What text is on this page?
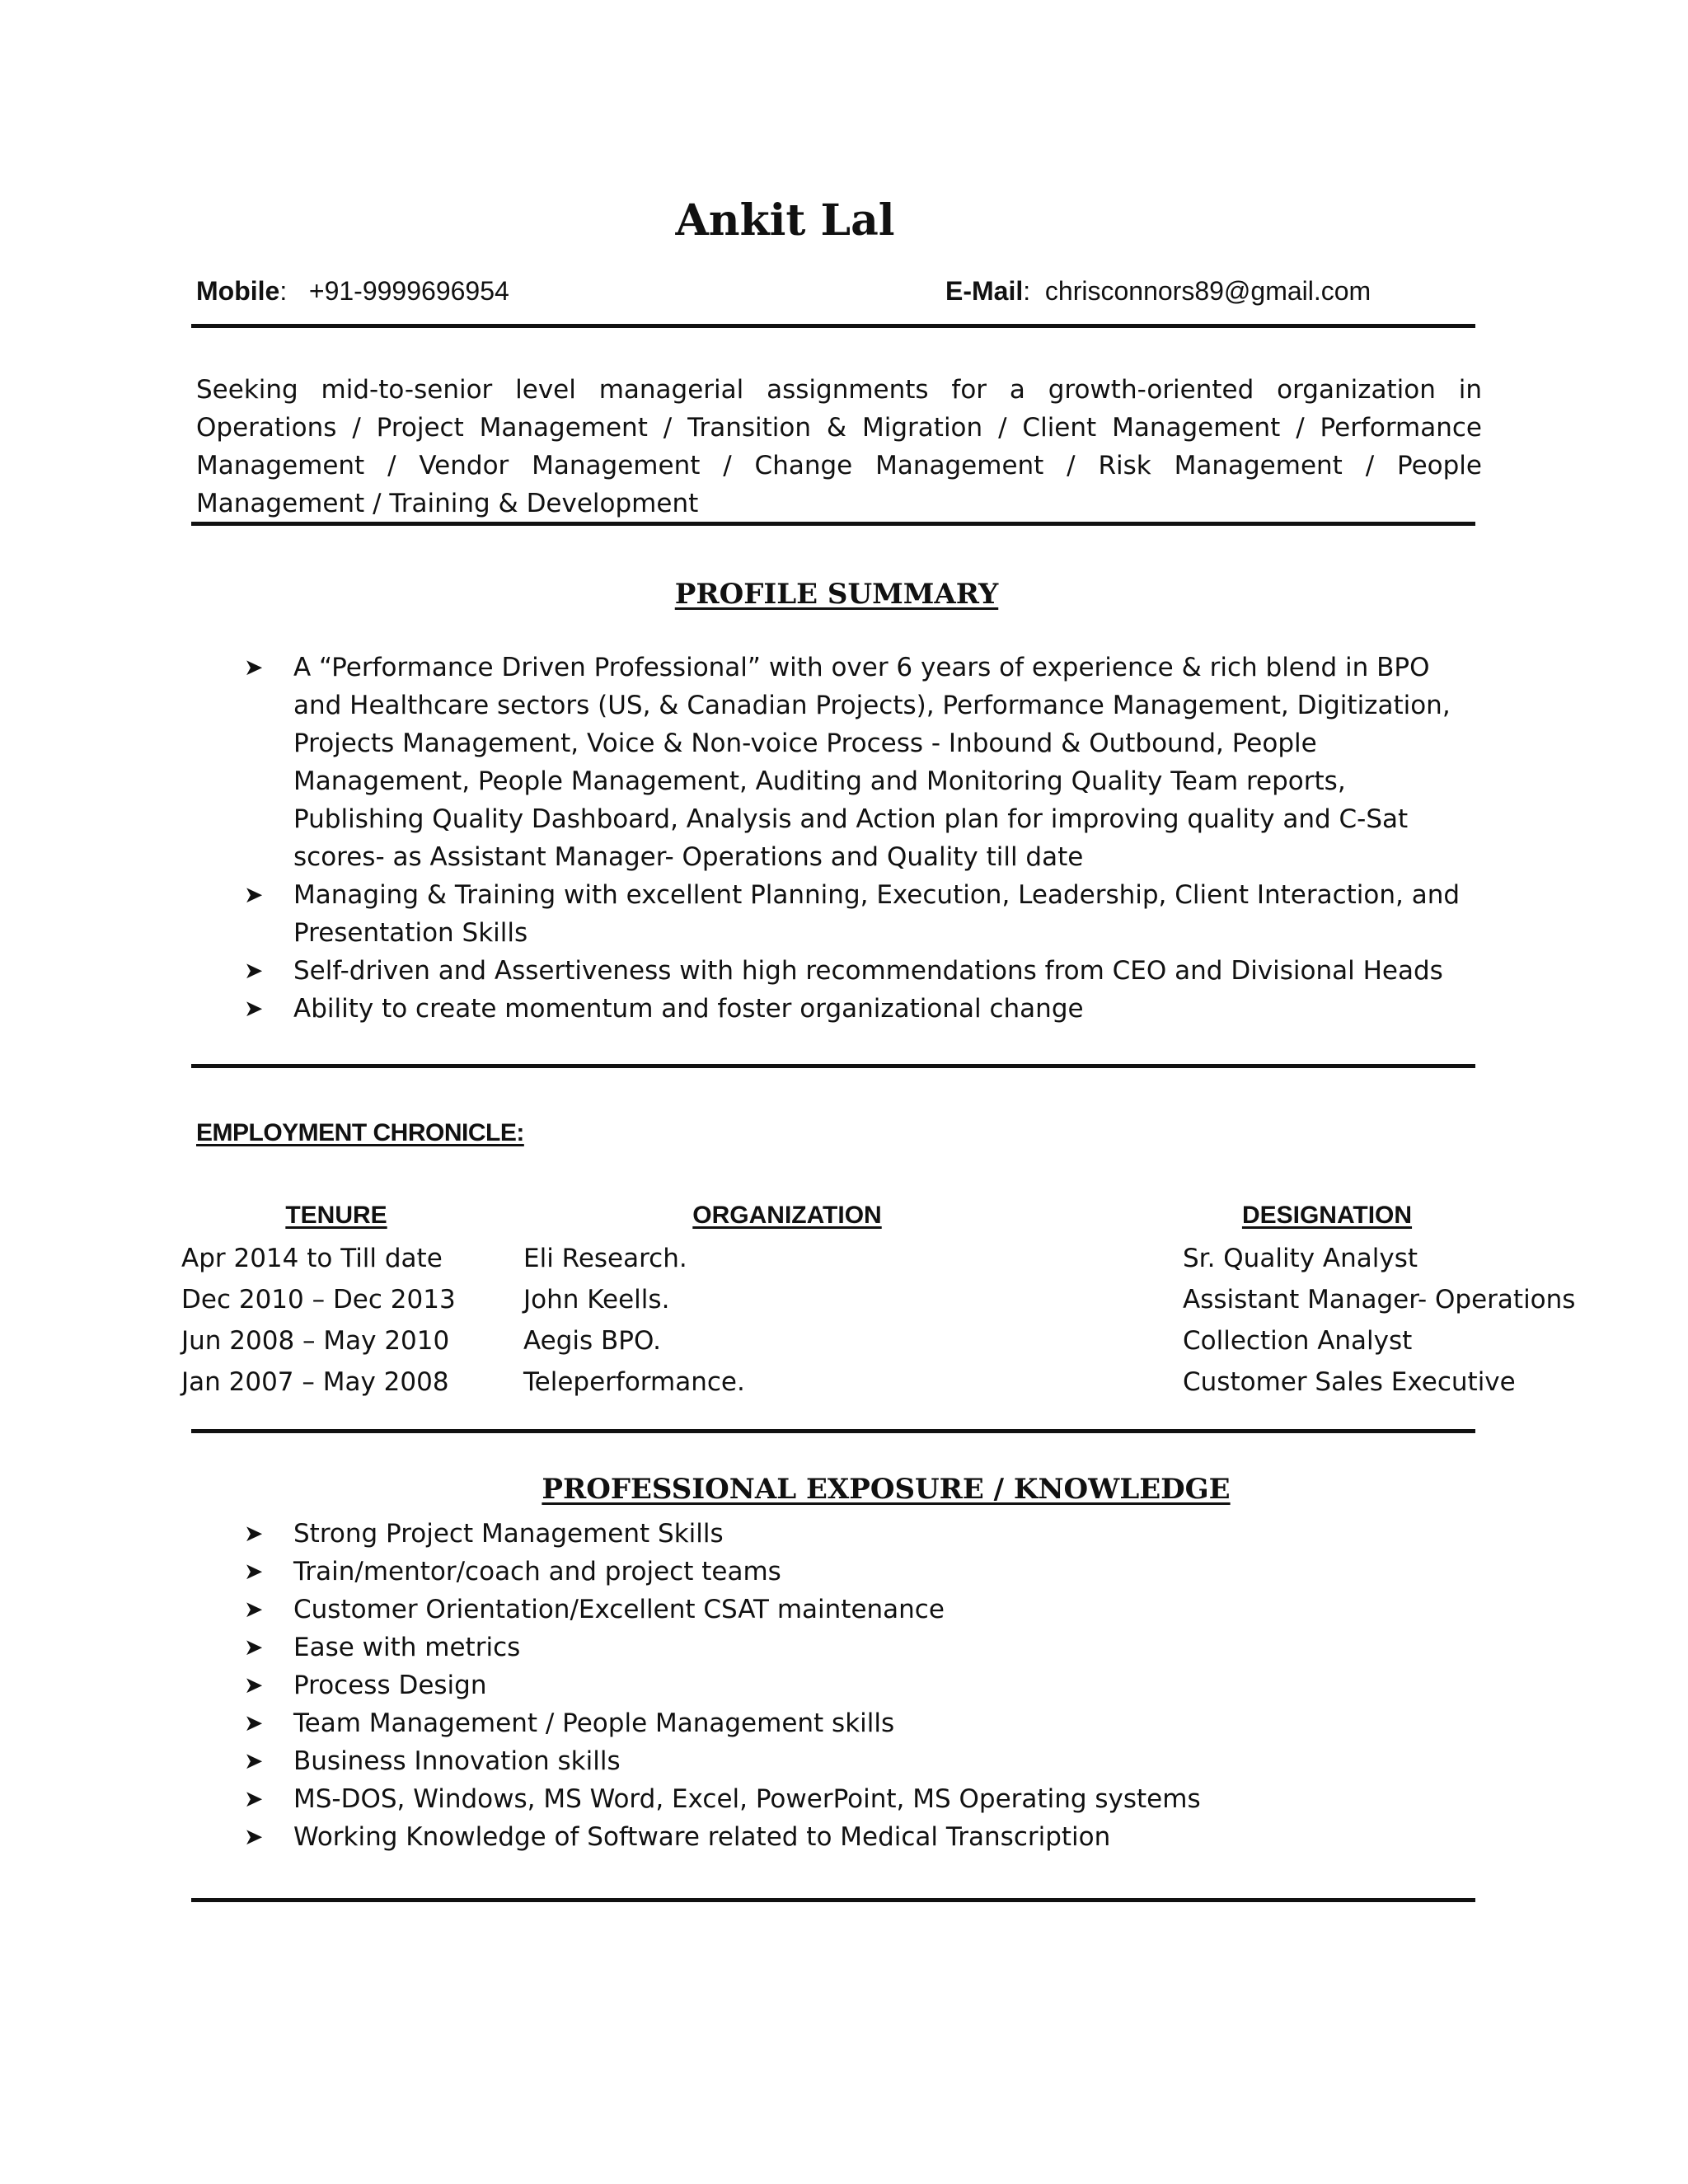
Ankit Lal
Mobile:   +91-9999696954	E-Mail:  chrisconnors89@gmail.com

Seeking mid-to-senior level managerial assignments for a growth-oriented organization in Operations / Project Management / Transition & Migration / Client Management / Performance Management / Vendor Management / Change Management / Risk Management / People Management / Training & Development

PROFILE SUMMARY
➤ A “Performance Driven Professional” with over 6 years of experience & rich blend in BPO and Healthcare sectors (US, & Canadian Projects), Performance Management, Digitization, Projects Management, Voice & Non-voice Process - Inbound & Outbound, People Management, People Management, Auditing and Monitoring Quality Team reports, Publishing Quality Dashboard, Analysis and Action plan for improving quality and C-Sat scores- as Assistant Manager- Operations and Quality till date
➤ Managing & Training with excellent Planning, Execution, Leadership, Client Interaction, and Presentation Skills
➤ Self-driven and Assertiveness with high recommendations from CEO and Divisional Heads
➤ Ability to create momentum and foster organizational change
EMPLOYMENT CHRONICLE:
TENURE	ORGANIZATION	DESIGNATION
Apr 2014 to Till date	Eli Research.	Sr. Quality Analyst
Dec 2010 – Dec 2013	John Keells.	Assistant Manager- Operations
Jun 2008 – May 2010	Aegis BPO.	Collection Analyst
Jan 2007 – May 2008	Teleperformance.	Customer Sales Executive
PROFESSIONAL EXPOSURE / KNOWLEDGE
➤ Strong Project Management Skills
➤ Train/mentor/coach and project teams
➤ Customer Orientation/Excellent CSAT maintenance
➤ Ease with metrics
➤ Process Design
➤ Team Management / People Management skills
➤ Business Innovation skills
➤ MS-DOS, Windows, MS Word, Excel, PowerPoint, MS Operating systems
➤ Working Knowledge of Software related to Medical Transcription
